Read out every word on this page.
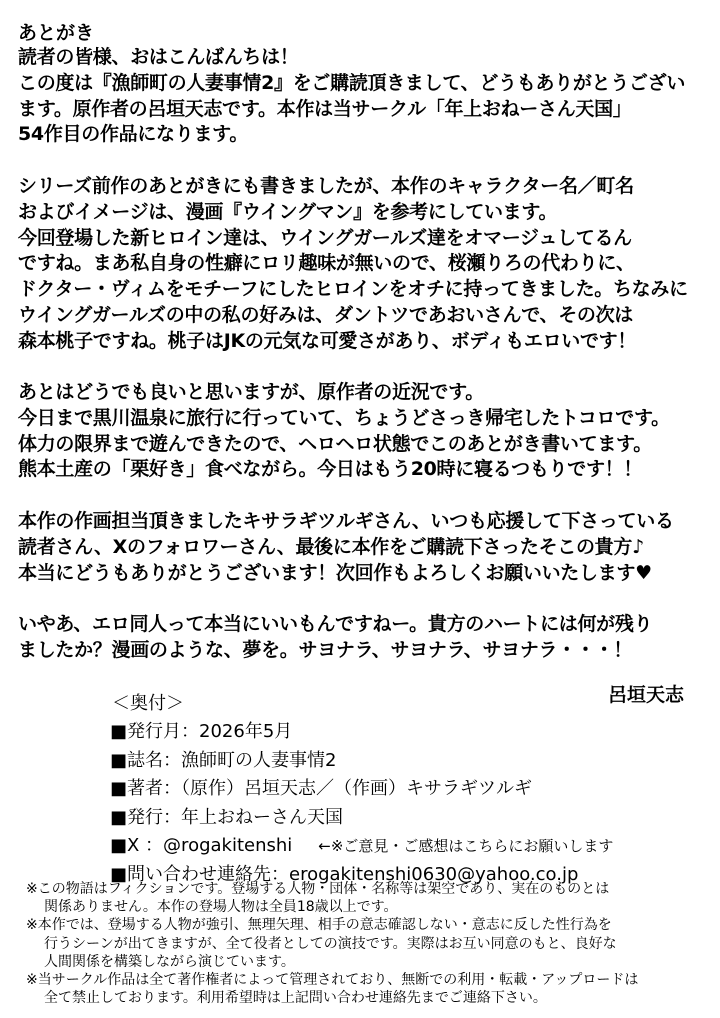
あとがき
読者の皆様、おはこんばんちは！
この度は『漁師町の人妻事情2』をご購読頂きまして、どうもありがとうござい
ます。原作者の呂垣天志です。本作は当サークル「年上おねーさん天国」
54作目の作品になります。
シリーズ前作のあとがきにも書きましたが、本作のキャラクター名／町名
およびイメージは、漫画『ウイングマン』を参考にしています。
今回登場した新ヒロイン達は、ウイングガールズ達をオマージュしてるん
ですね。まあ私自身の性癖にロリ趣味が無いので、桜瀬りろの代わりに、
ドクター・ヴィムをモチーフにしたヒロインをオチに持ってきました。ちなみに
ウイングガールズの中の私の好みは、ダントツであおいさんで、その次は
森本桃子ですね。桃子はJKの元気な可愛さがあり、ボディもエロいです！
あとはどうでも良いと思いますが、原作者の近況です。
今日まで黒川温泉に旅行に行っていて、ちょうどさっき帰宅したトコロです。
体力の限界まで遊んできたので、ヘロヘロ状態でこのあとがき書いてます。
熊本土産の「栗好き」食べながら。今日はもう20時に寝るつもりです！！
本作の作画担当頂きましたキサラギツルギさん、いつも応援して下さっている
読者さん、Xのフォロワーさん、最後に本作をご購読下さったそこの貴方♪
本当にどうもありがとうございます！次回作もよろしくお願いいたします♥
いやあ、エロ同人って本当にいいもんですねー。貴方のハートには何が残り
ましたか？漫画のような、夢を。サヨナラ、サヨナラ、サヨナラ・・・！
呂垣天志
＜奥付＞
■発行月：2026年5月
■誌名：漁師町の人妻事情2
■著者：（原作）呂垣天志／（作画）キサラギツルギ
■発行：年上おねーさん天国
■X ：@rogakitenshi ←※ご意見・ご感想はこちらにお願いします
■問い合わせ連絡先：erogakitenshi0630@yahoo.co.jp
※この物語はフィクションです。登場する人物・団体・名称等は架空であり、実在のものとは
関係ありません。本作の登場人物は全員18歳以上です。
※本作では、登場する人物が強引、無理矢理、相手の意志確認しない・意志に反した性行為を
行うシーンが出てきますが、全て役者としての演技です。実際はお互い同意のもと、良好な
人間関係を構築しながら演じています。
※当サークル作品は全て著作権者によって管理されており、無断での利用・転載・アップロードは
全て禁止しております。利用希望時は上記問い合わせ連絡先までご連絡下さい。
